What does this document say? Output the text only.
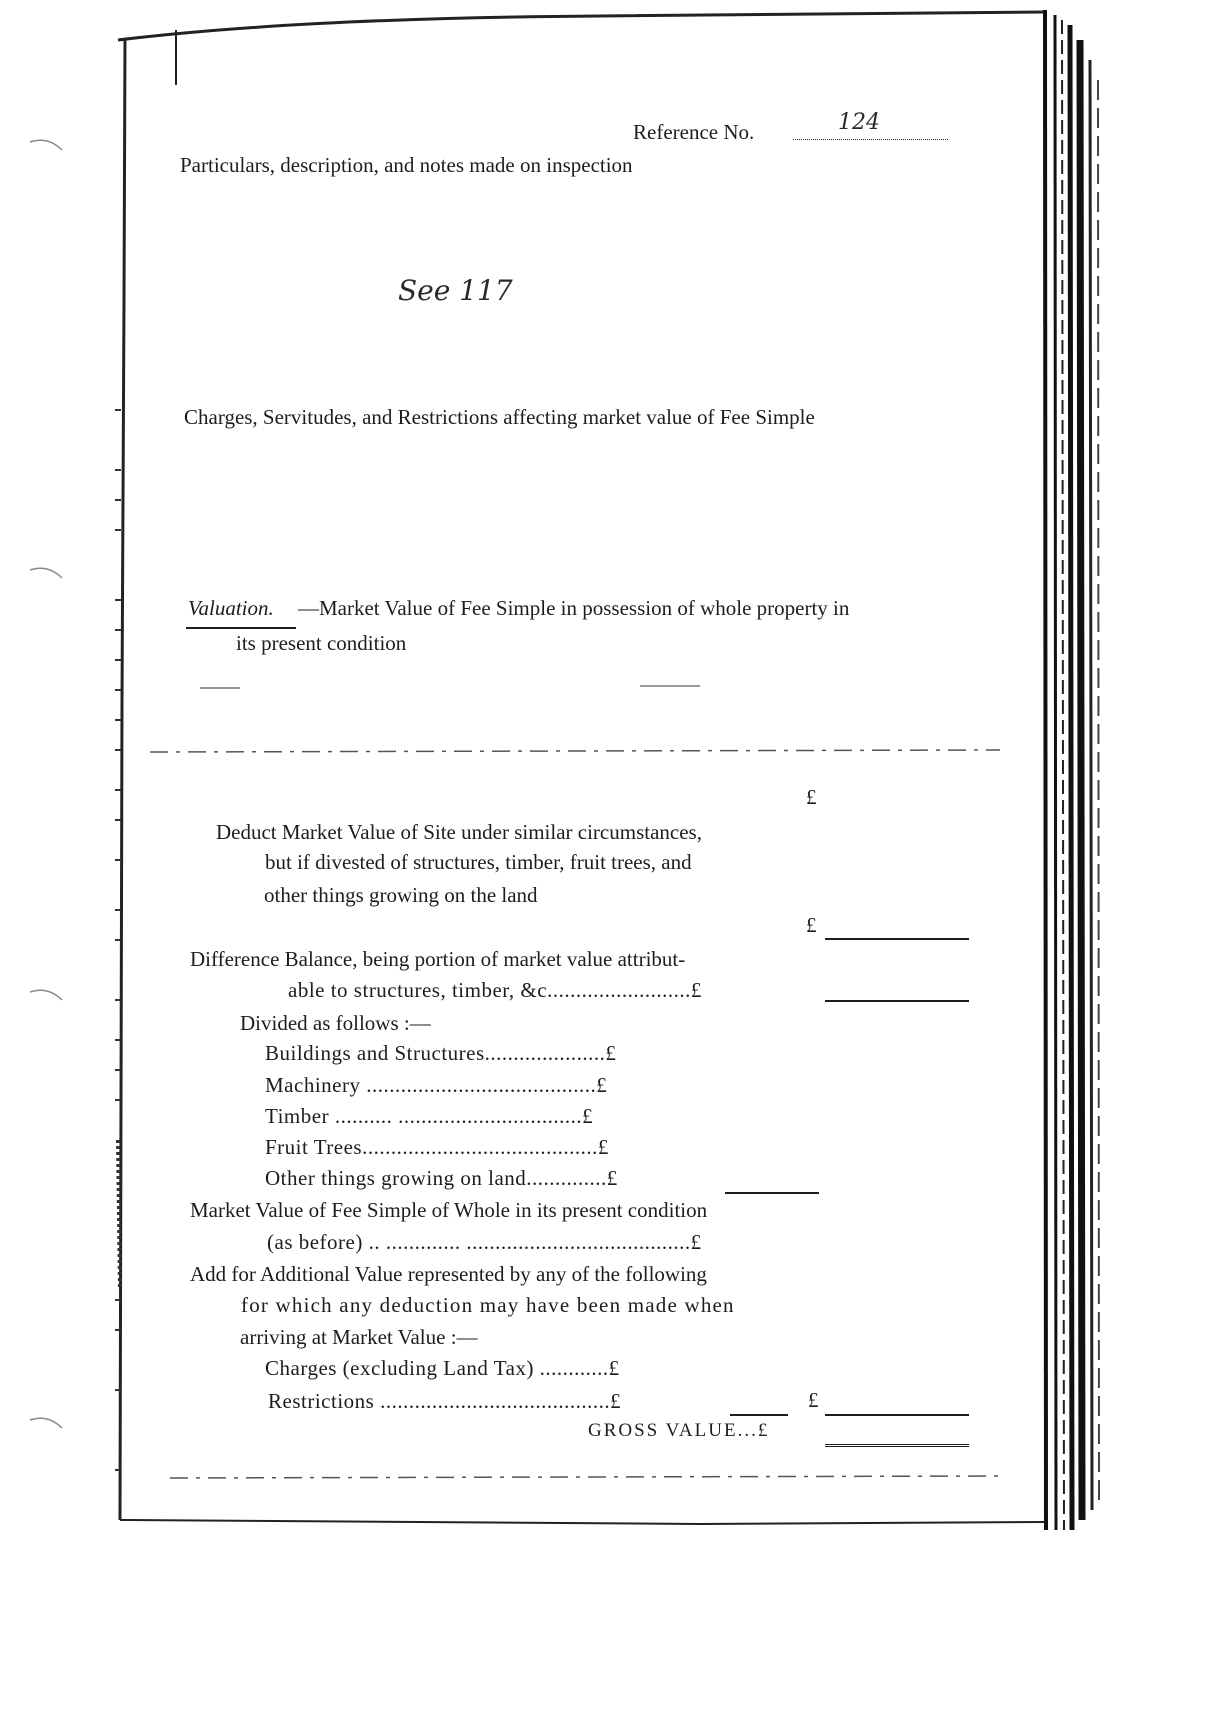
Reference No.	124
Particulars, description, and notes made on inspection
See 117
Charges, Servitudes, and Restrictions affecting market value of Fee Simple
Valuation. —Market Value of Fee Simple in possession of whole property in
its present condition
£
Deduct Market Value of Site under similar circumstances,
but if divested of structures, timber, fruit trees, and
other things growing on the land
£
Difference Balance, being portion of market value attribut-
able to structures, timber, &c.........................£
Divided as follows :—
Buildings and Structures.....................£
Machinery ........................................£
Timber .......... ................................£
Fruit Trees.........................................£
Other things growing on land..............£
Market Value of Fee Simple of Whole in its present condition
(as before) .. ............. .......................................£
Add for Additional Value represented by any of the following
for which any deduction may have been made when
arriving at Market Value :—
Charges (excluding Land Tax) ............£
Restrictions ........................................£	£
GROSS VALUE...£
